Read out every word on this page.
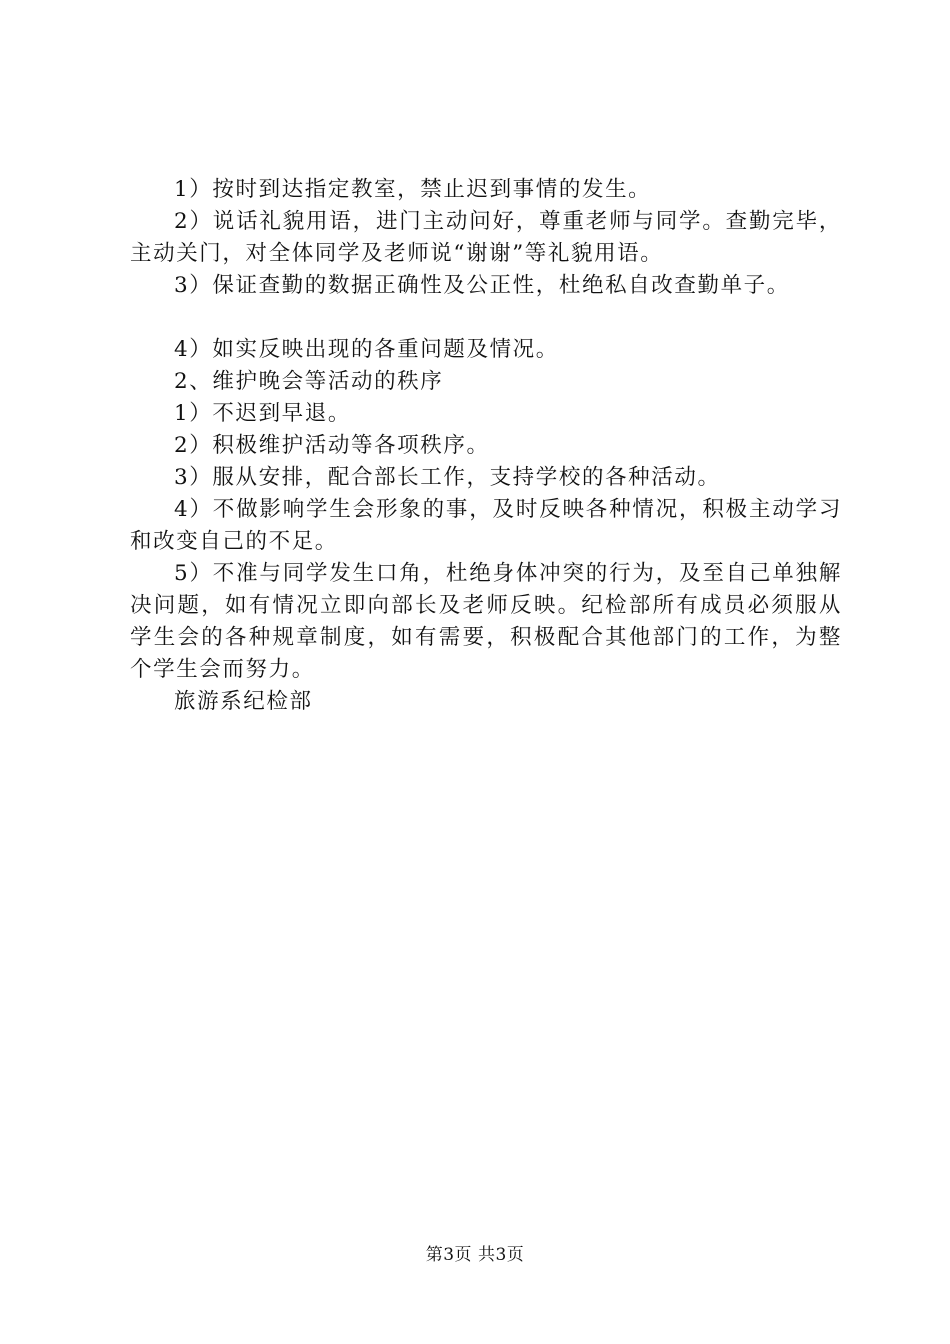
1）按时到达指定教室，禁止迟到事情的发生。

2）说话礼貌用语，进门主动问好，尊重老师与同学。查勤完毕，主动关门，对全体同学及老师说“谢谢”等礼貌用语。

3）保证查勤的数据正确性及公正性，杜绝私自改查勤单子。

4）如实反映出现的各重问题及情况。

2、维护晚会等活动的秩序

1）不迟到早退。

2）积极维护活动等各项秩序。

3）服从安排，配合部长工作，支持学校的各种活动。

4）不做影响学生会形象的事，及时反映各种情况，积极主动学习和改变自己的不足。

5）不准与同学发生口角，杜绝身体冲突的行为，及至自己单独解决问题，如有情况立即向部长及老师反映。纪检部所有成员必须服从学生会的各种规章制度，如有需要，积极配合其他部门的工作，为整个学生会而努力。

旅游系纪检部

第3页 共3页
